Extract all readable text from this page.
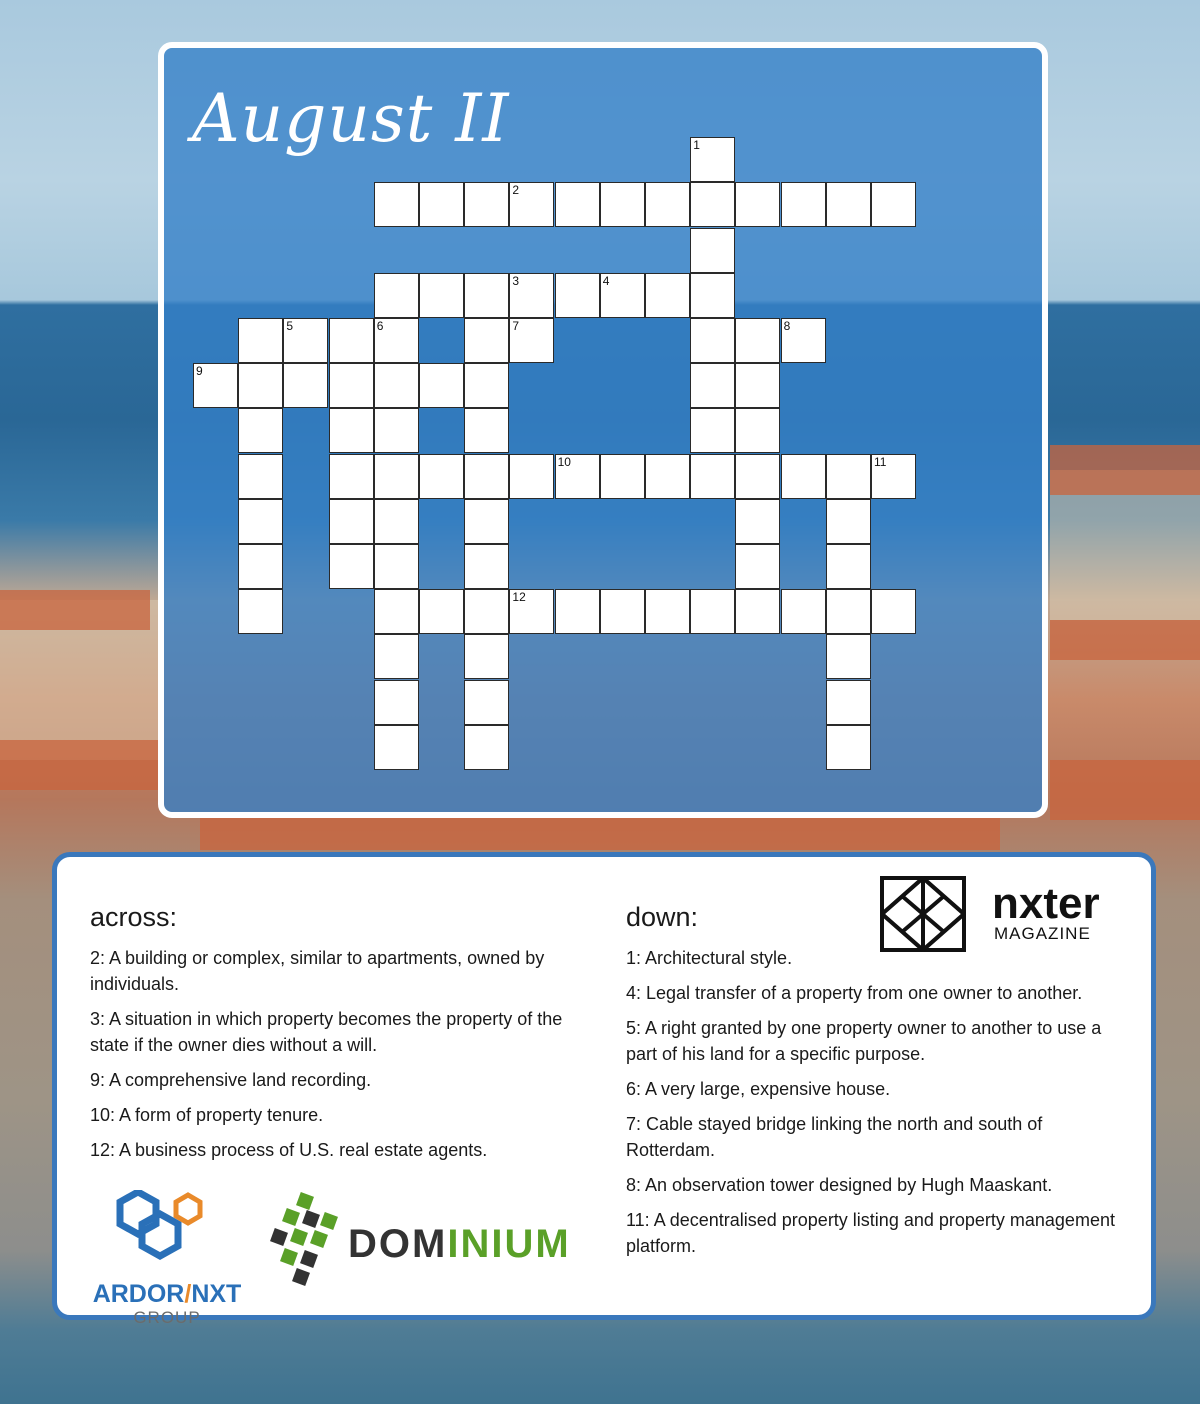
August II
2
3	4
9
6
10
12
1
5	7	8
11
across:
2: A building or complex, similar to apartments, owned by individuals.
3: A situation in which property becomes the property of the state if the owner dies without a will.
9: A comprehensive land recording.
10: A form of property tenure.
12: A business process of U.S. real estate agents.
down:
1: Architectural style.
4: Legal transfer of a property from one owner to another.
5: A right granted by one property owner to another to use a part of his land for a specific purpose.
6: A very large, expensive house.
7: Cable stayed bridge linking the north and south of Rotterdam.
8: An observation tower designed by Hugh Maaskant.
11: A decentralised property listing and property management platform.
nxter
MAGAZINE
ARDOR/NXT
GROUP
DOMINIUM
